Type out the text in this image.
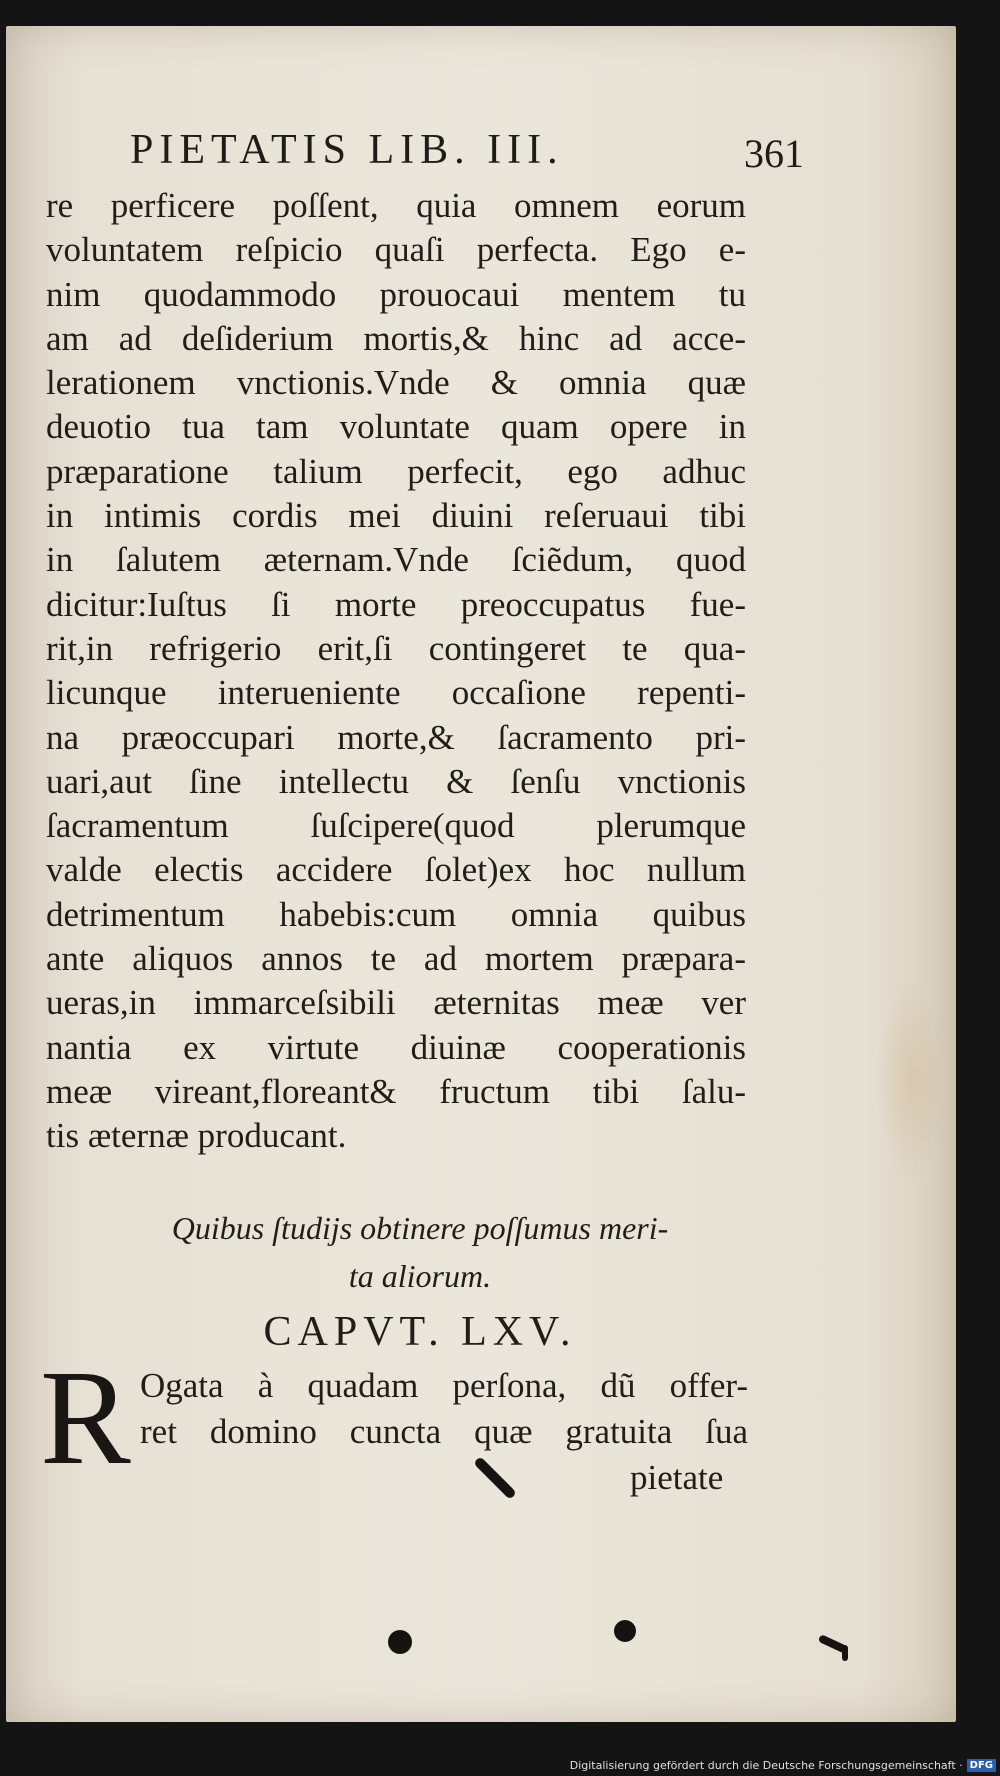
PIETATIS LIB. III.	361
re perficere poſſent, quia omnem eorum
voluntatem reſpicio quaſi perfecta. Ego e-
nim quodammodo prouocaui mentem tu
am ad deſiderium mortis,& hinc ad acce-
lerationem vnctionis.Vnde & omnia quæ
deuotio tua tam voluntate quam opere in
præparatione talium perfecit, ego adhuc
in intimis cordis mei diuini reſeruaui tibi
in ſalutem æternam.Vnde ſciẽdum, quod
dicitur:Iuſtus ſi morte preoccupatus fue-
rit,in refrigerio erit,ſi contingeret te qua-
licunque interueniente occaſione repenti-
na præoccupari morte,& ſacramento pri-
uari,aut ſine intellectu & ſenſu vnctionis
ſacramentum ſuſcipere(quod plerumque
valde electis accidere ſolet)ex hoc nullum
detrimentum habebis:cum omnia quibus
ante aliquos annos te ad mortem præpara-
ueras,in immarceſsibili æternitas meæ ver
nantia ex virtute diuinæ cooperationis
meæ vireant,floreant& fructum tibi ſalu-
tis æternæ producant.
Quibus ſtudijs obtinere poſſumus meri-
ta aliorum.
CAPVT. LXV.
R Ogata à quadam perſona, dũ offer-
ret domino cuncta quæ gratuita ſua
pietate
Digitalisierung gefördert durch die Deutsche Forschungsgemeinschaft · DFG
